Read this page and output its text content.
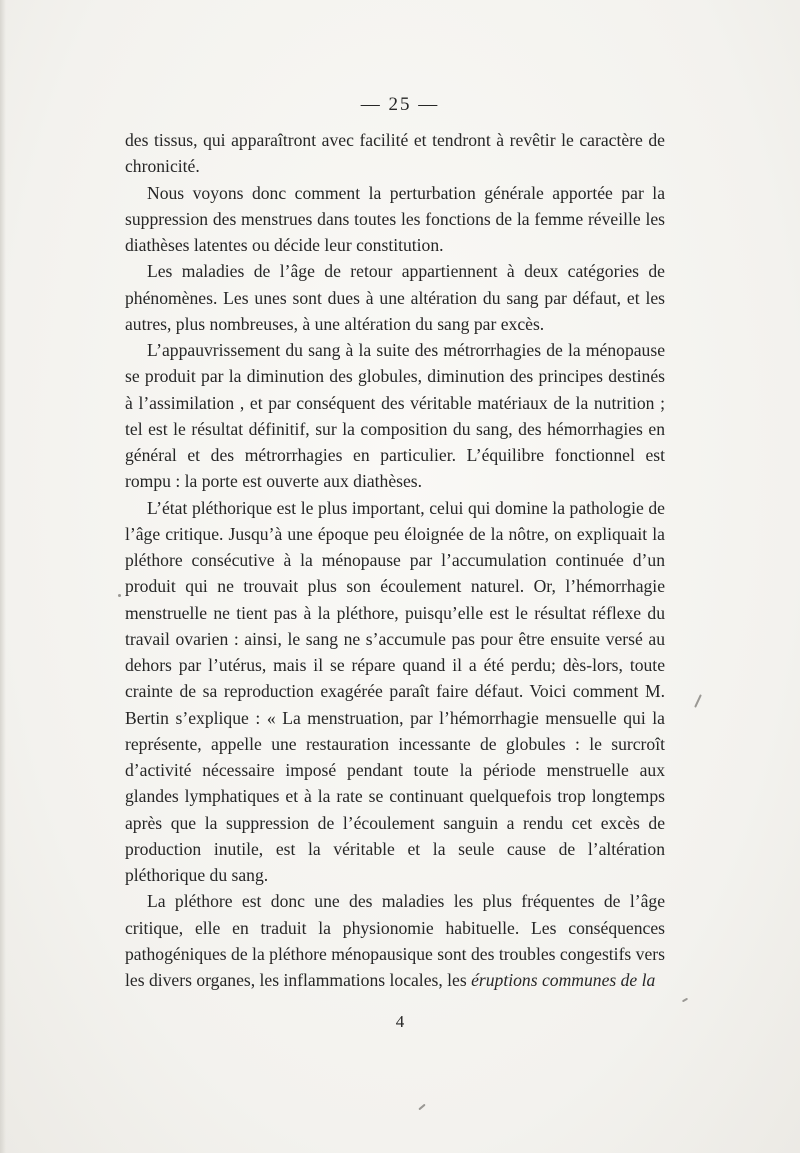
— 25 —

des tissus, qui apparaîtront avec facilité et tendront à revêtir le caractère de chronicité.

Nous voyons donc comment la perturbation générale apportée par la suppression des menstrues dans toutes les fonctions de la femme réveille les diathèses latentes ou décide leur constitution.

Les maladies de l’âge de retour appartiennent à deux catégories de phénomènes. Les unes sont dues à une altération du sang par défaut, et les autres, plus nombreuses, à une altération du sang par excès.

L’appauvrissement du sang à la suite des métrorrhagies de la ménopause se produit par la diminution des globules, diminution des principes destinés à l’assimilation , et par conséquent des véritable matériaux de la nutrition ; tel est le résultat définitif, sur la composition du sang, des hémorrhagies en général et des métrorrhagies en particulier. L’équilibre fonctionnel est rompu : la porte est ouverte aux diathèses.

L’état pléthorique est le plus important, celui qui domine la pathologie de l’âge critique. Jusqu’à une époque peu éloignée de la nôtre, on expliquait la pléthore consécutive à la ménopause par l’accumulation continuée d’un produit qui ne trouvait plus son écoulement naturel. Or, l’hémorrhagie menstruelle ne tient pas à la pléthore, puisqu’elle est le résultat réflexe du travail ovarien : ainsi, le sang ne s’accumule pas pour être ensuite versé au dehors par l’utérus, mais il se répare quand il a été perdu; dès-lors, toute crainte de sa reproduction exagérée paraît faire défaut. Voici comment M. Bertin s’explique : « La menstruation, par l’hémorrhagie mensuelle qui la représente, appelle une restauration incessante de globules : le surcroît d’activité nécessaire imposé pendant toute la période menstruelle aux glandes lymphatiques et à la rate se continuant quelquefois trop longtemps après que la suppression de l’écoulement sanguin a rendu cet excès de production inutile, est la véritable et la seule cause de l’altération pléthorique du sang.

La pléthore est donc une des maladies les plus fréquentes de l’âge critique, elle en traduit la physionomie habituelle. Les conséquences pathogéniques de la pléthore ménopausique sont des troubles congestifs vers les divers organes, les inflammations locales, les éruptions communes de la

4
